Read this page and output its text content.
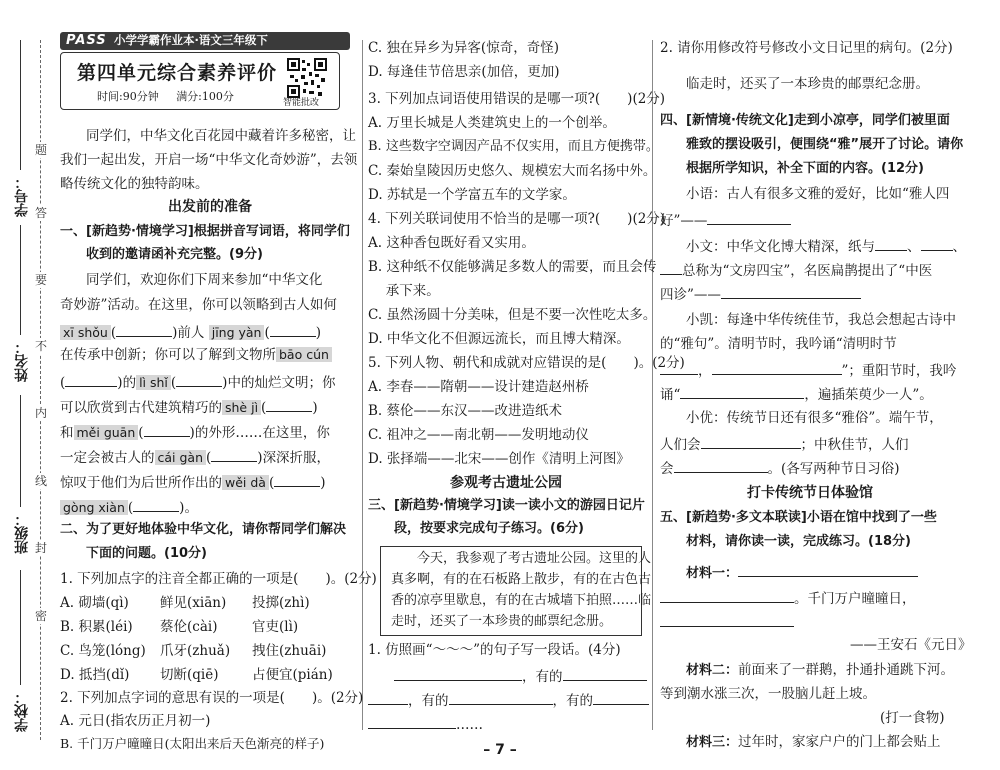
学号：
姓名：
班级：
学校：
题
答
要
不
内
线
封
密
PASS 小学学霸作业本·语文三年级下
第四单元综合素养评价
时间:90分钟 满分:100分	智能批改
同学们，中华文化百花园中藏着许多秘密，让
我们一起出发，开启一场“中华文化奇妙游”，去领
略传统文化的独特韵味。
出发前的准备
一、[新趋势·情境学习]根据拼音写词语，将同学们
收到的邀请函补充完整。(9分)
同学们，欢迎你们下周来参加“中华文化
奇妙游”活动。在这里，你可以领略到古人如何
xī shǒu (	)前人 jīng yàn (	)
在传承中创新；你可以了解到文物所 bāo cún
(	)的 lì shǐ (	)中的灿烂文明；你
可以欣赏到古代建筑精巧的 shè jì (	)
和 měi guān (	)的外形……在这里，你
一定会被古人的 cái gàn (	)深深折服，
惊叹于他们为后世所作出的 wěi dà (	)
gòng xiàn (	)。
二、为了更好地体验中华文化，请你帮同学们解决
下面的问题。(10分)
1. 下列加点字的注音全都正确的一项是(　　)。(2分)
A. 砌墙(qì) 鲜见(xiān) 投掷(zhì)
B. 积累(léi) 蔡伦(cài)	官吏(lì)
C. 鸟笼(lóng) 爪牙(zhuǎ) 拽住(zhuāi)
D. 抵挡(dǐ) 切断(qiē) 占便宜(pián)
2. 下列加点字词的意思有误的一项是(　　)。(2分)
A. 元日(指农历正月初一)
B. 千门万户曈曈日(太阳出来后天色渐亮的样子)
C. 独在异乡为异客(惊奇，奇怪)
D. 每逢佳节倍思亲(加倍，更加)
3. 下列加点词语使用错误的是哪一项?(　　)(2分)
A. 万里长城是人类建筑史上的一个创举。
B. 这些数字空调因产品不仅实用，而且方便携带。
C. 秦始皇陵因历史悠久、规模宏大而名扬中外。
D. 苏轼是一个学富五车的文学家。
4. 下列关联词使用不恰当的是哪一项?(　　)(2分)
A. 这种香包既好看又实用。
B. 这种纸不仅能够满足多数人的需要，而且会传
　 承下来。
C. 虽然汤圆十分美味，但是不要一次性吃太多。
D. 中华文化不但源远流长，而且博大精深。
5. 下列人物、朝代和成就对应错误的是(　　)。(2分)
A. 李春——隋朝——设计建造赵州桥
B. 蔡伦——东汉——改进造纸术
C. 祖冲之——南北朝——发明地动仪
D. 张择端——北宋——创作《清明上河图》
参观考古遗址公园
三、[新趋势·情境学习]读一读小文的游园日记片
段，按要求完成句子练习。(6分)
今天，我参观了考古遗址公园。这里的人
真多啊，有的在石板路上散步，有的在古色古
香的凉亭里歇息，有的在古城墙下拍照……临
走时，还买了一本珍贵的邮票纪念册。
1. 仿照画“～～～”的句子写一段话。(4分)
，有的
，有的	，有的
……
2. 请你用修改符号修改小文日记里的病句。(2分)
临走时，还买了一本珍贵的邮票纪念册。
四、[新情境·传统文化]走到小凉亭，同学们被里面
雅致的摆设吸引，便围绕“雅”展开了讨论。请你
根据所学知识，补全下面的内容。(12分)
小语：古人有很多文雅的爱好，比如“雅人四
好”——
小文：中华文化博大精深，纸与 、 、
总称为“文房四宝”，名医扁鹊提出了“中医
四诊”——
小凯：每逢中华传统佳节，我总会想起古诗中
的“雅句”。清明节时，我吟诵“清明时节
，	”；重阳节时，我吟
诵“	，遍插茱萸少一人”。
小优：传统节日还有很多“雅俗”。端午节，
人们会	；中秋佳节，人们
会	。(各写两种节日习俗)
打卡传统节日体验馆
五、[新趋势·多文本联读]小语在馆中找到了一些
材料，请你读一读，完成练习。(18分)
材料一：
。千门万户曈曈日，
——王安石《元日》
材料二：前面来了一群鹅，扑通扑通跳下河。
等到潮水涨三次，一股脑儿赶上坡。
(打一食物)
材料三：过年时，家家户户的门上都会贴上
– 7 –
